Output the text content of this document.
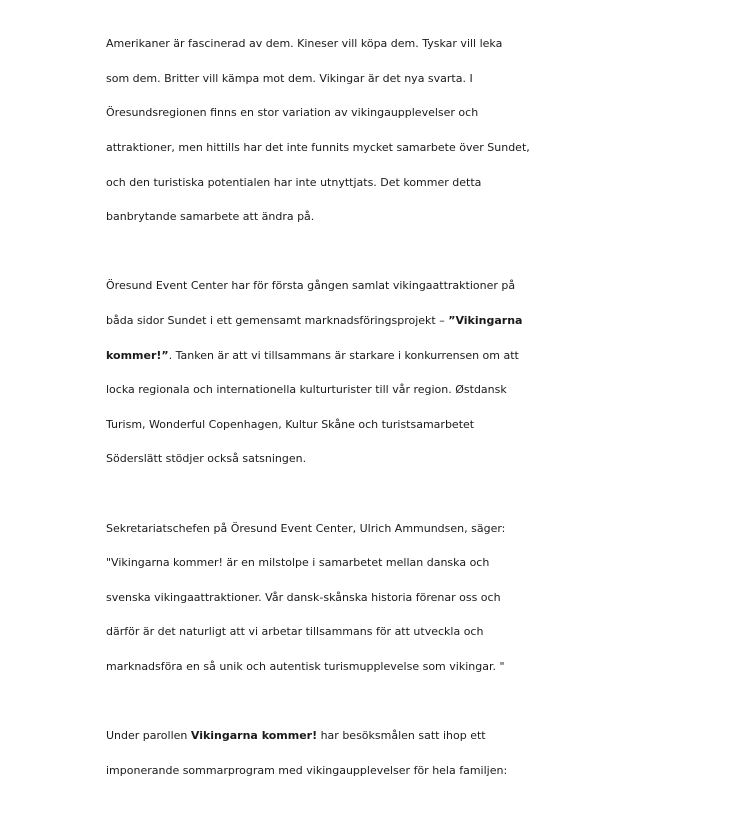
Amerikaner är fascinerad av dem. Kineser vill köpa dem. Tyskar vill leka

som dem. Britter vill kämpa mot dem. Vikingar är det nya svarta. I

Öresundsregionen finns en stor variation av vikingaupplevelser och

attraktioner, men hittills har det inte funnits mycket samarbete över Sundet,

och den turistiska potentialen har inte utnyttjats. Det kommer detta

banbrytande samarbete att ändra på.

Öresund Event Center har för första gången samlat vikingaattraktioner på

båda sidor Sundet i ett gemensamt marknadsföringsprojekt – ”Vikingarna

kommer!”. Tanken är att vi tillsammans är starkare i konkurrensen om att

locka regionala och internationella kulturturister till vår region. Østdansk

Turism, Wonderful Copenhagen, Kultur Skåne och turistsamarbetet

Söderslätt stödjer också satsningen.

Sekretariatschefen på Öresund Event Center, Ulrich Ammundsen, säger:

"Vikingarna kommer! är en milstolpe i samarbetet mellan danska och

svenska vikingaattraktioner. Vår dansk-skånska historia förenar oss och

därför är det naturligt att vi arbetar tillsammans för att utveckla och

marknadsföra en så unik och autentisk turismupplevelse som vikingar. "

Under parollen Vikingarna kommer! har besöksmålen satt ihop ett

imponerande sommarprogram med vikingaupplevelser för hela familjen:
